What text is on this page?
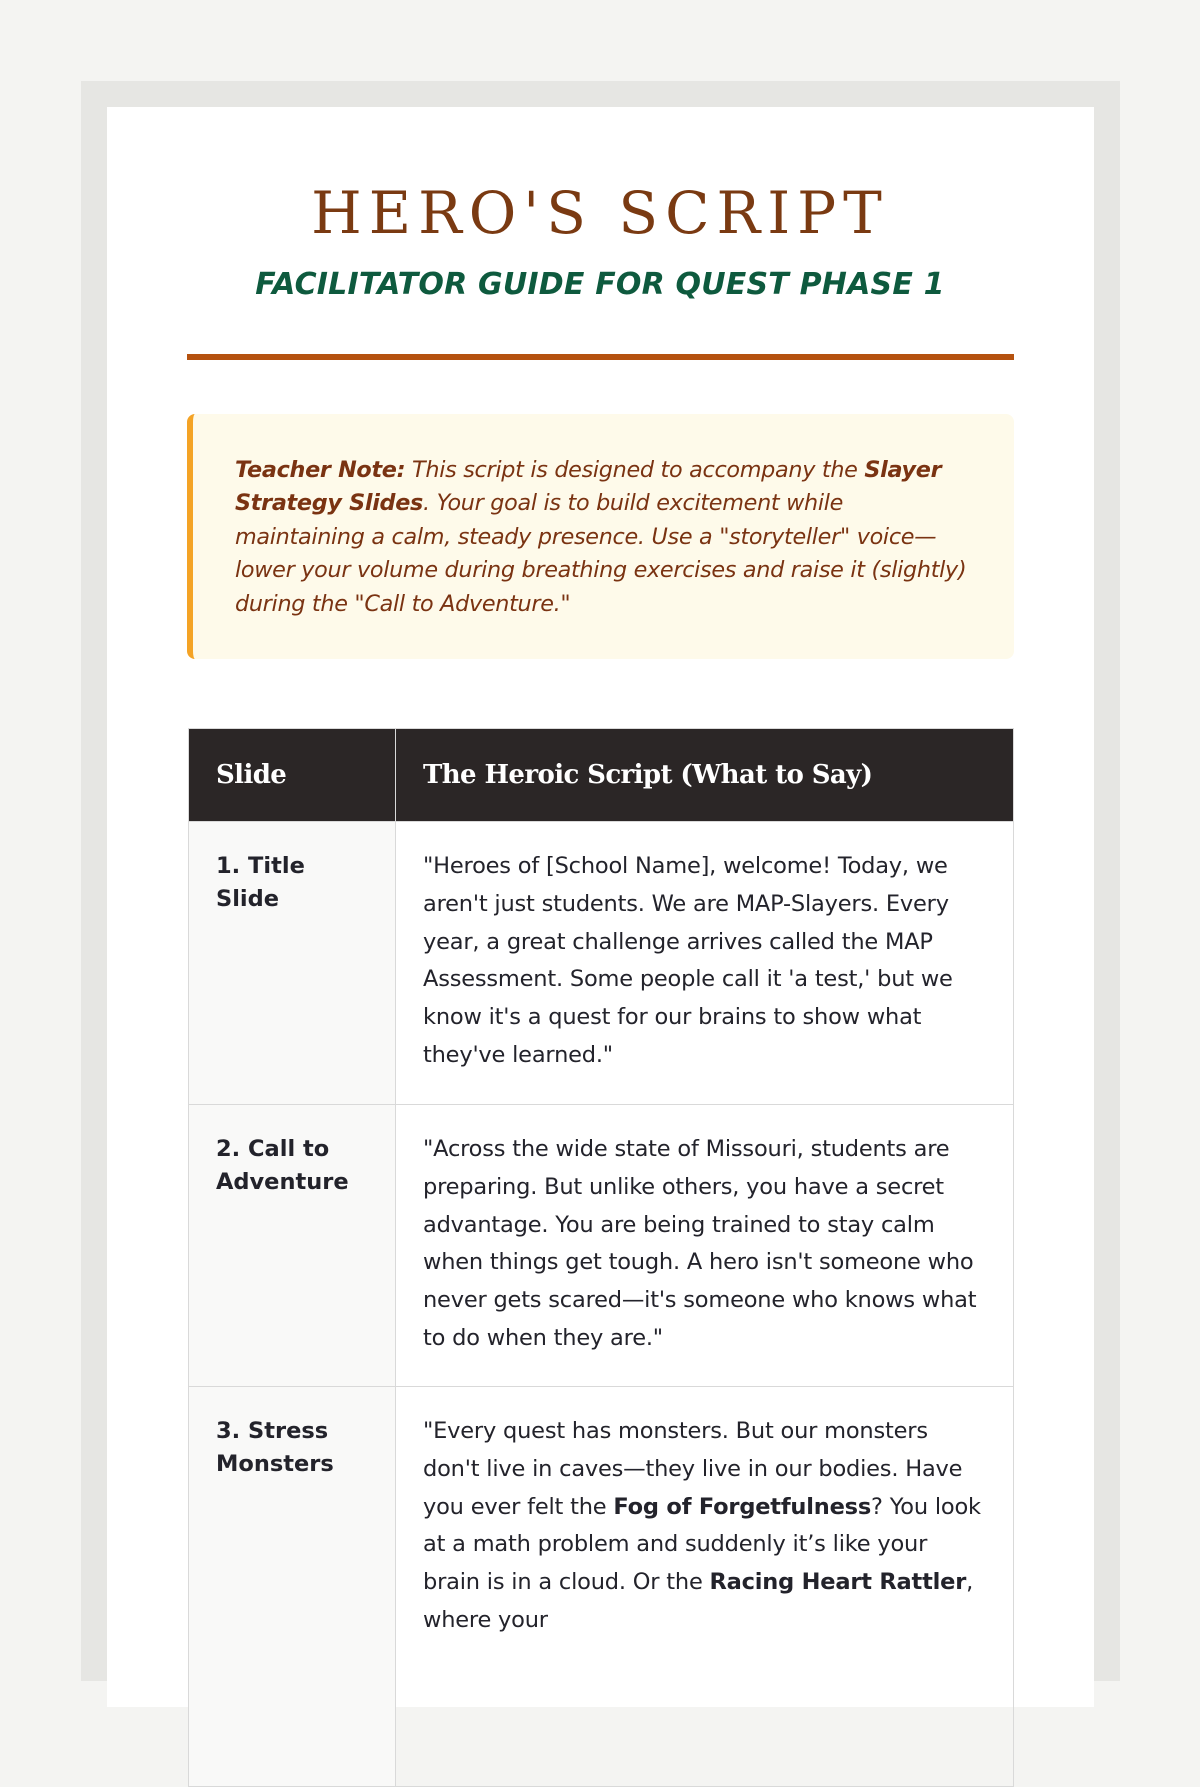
HERO'S SCRIPT
FACILITATOR GUIDE FOR QUEST PHASE 1
Teacher Note: This script is designed to accompany the Slayer Strategy Slides. Your goal is to build excitement while maintaining a calm, steady presence. Use a "storyteller" voice—lower your volume during breathing exercises and raise it (slightly) during the "Call to Adventure."
Slide	The Heroic Script (What to Say)
1. Title Slide	"Heroes of [School Name], welcome! Today, we aren't just students. We are MAP-Slayers. Every year, a great challenge arrives called the MAP Assessment. Some people call it 'a test,' but we know it's a quest for our brains to show what they've learned."
2. Call to Adventure	"Across the wide state of Missouri, students are preparing. But unlike others, you have a secret advantage. You are being trained to stay calm when things get tough. A hero isn't someone who never gets scared—it's someone who knows what to do when they are."
3. Stress Monsters	"Every quest has monsters. But our monsters don't live in caves—they live in our bodies. Have you ever felt the Fog of Forgetfulness? You look at a math problem and suddenly it’s like your brain is in a cloud. Or the Racing Heart Rattler, where your
